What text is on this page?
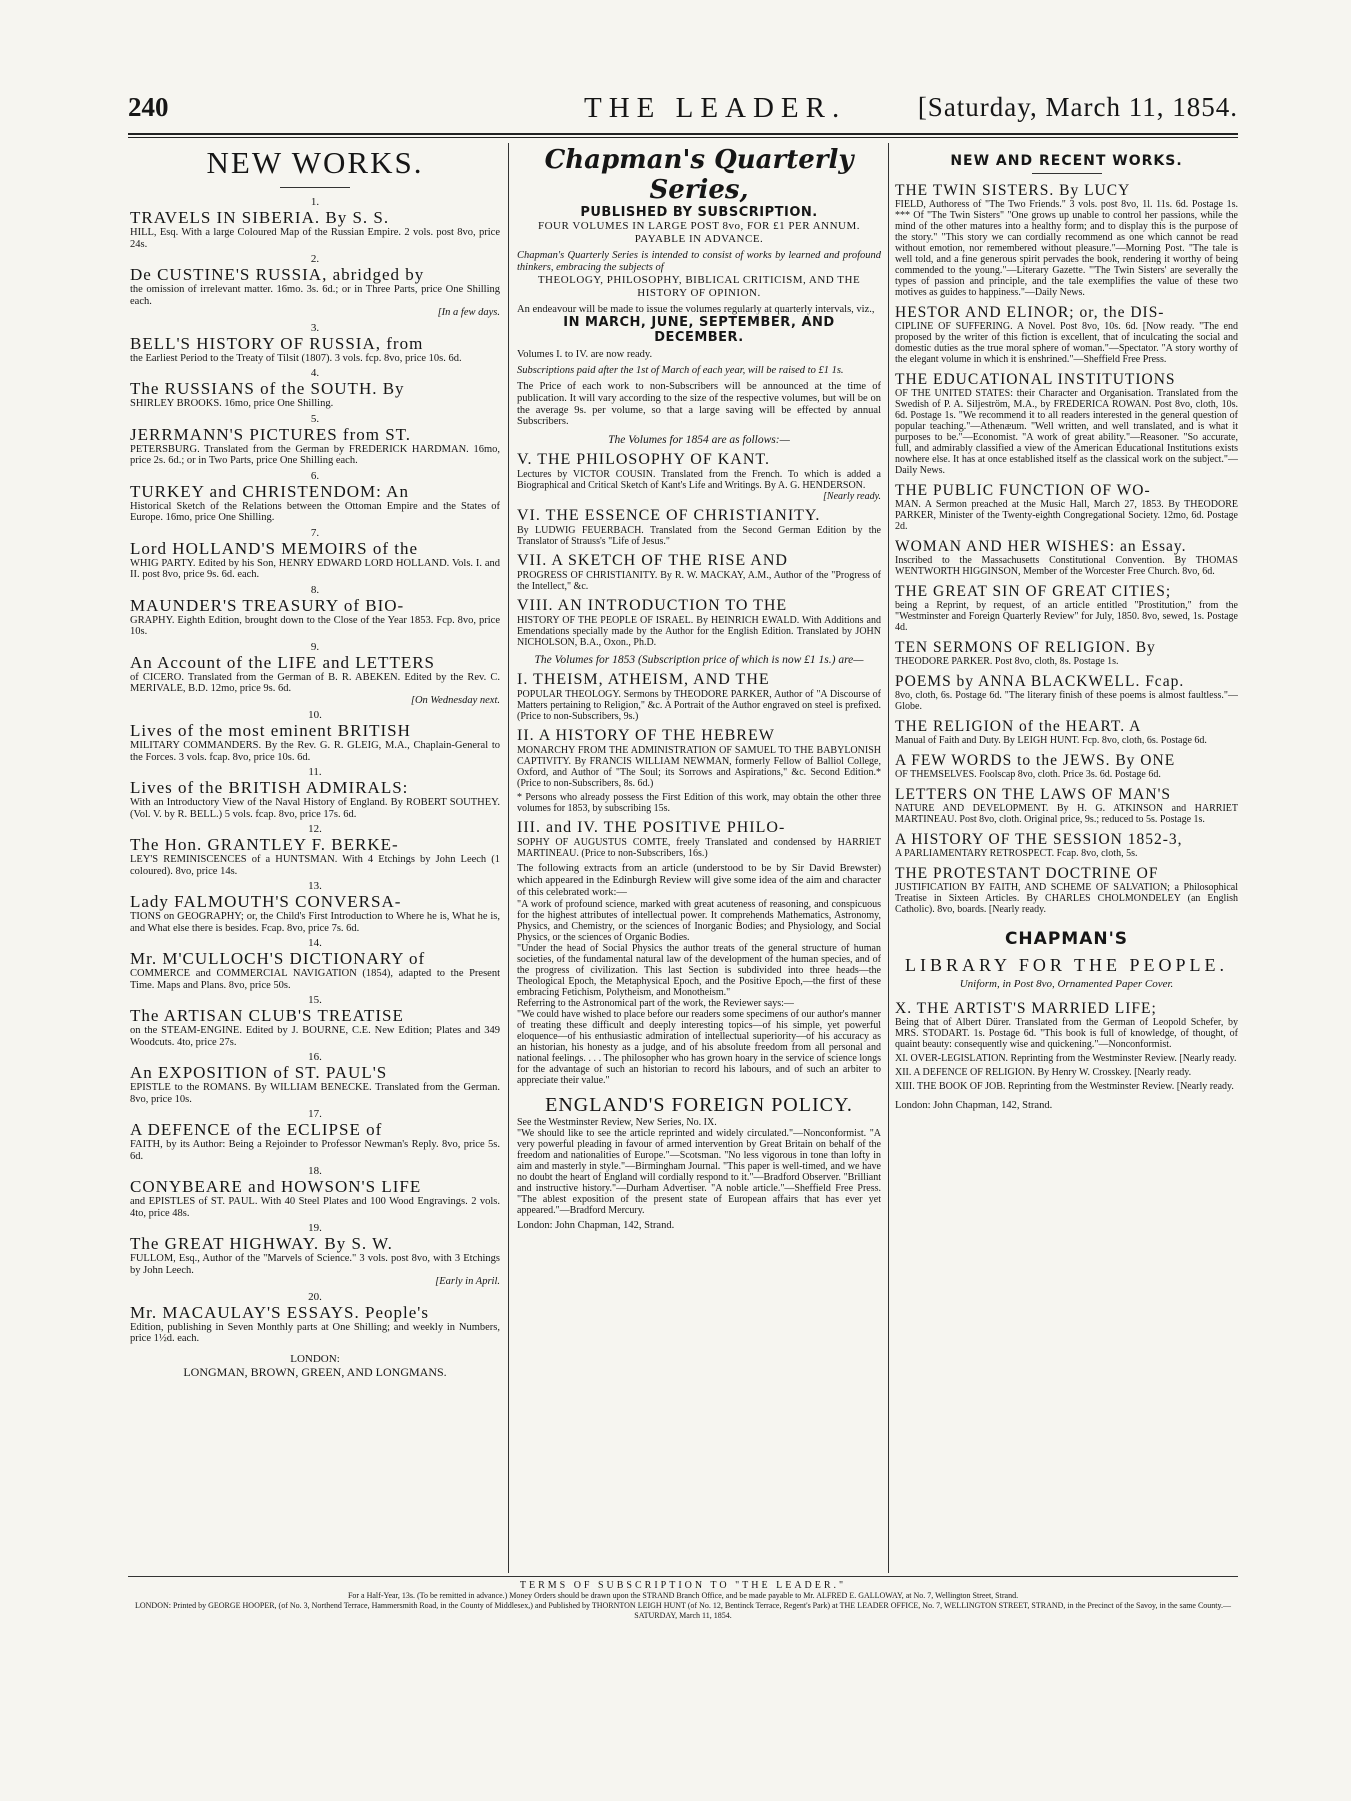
240	THE LEADER.	[Saturday, March 11, 1854.
NEW WORKS.
1.
TRAVELS IN SIBERIA. By S. S.
HILL, Esq. With a large Coloured Map of the Russian Empire. 2 vols. post 8vo, price 24s.
2.
De CUSTINE'S RUSSIA, abridged by
the omission of irrelevant matter. 16mo. 3s. 6d.; or in Three Parts, price One Shilling each.
[In a few days.
3.
BELL'S HISTORY OF RUSSIA, from
the Earliest Period to the Treaty of Tilsit (1807). 3 vols. fcp. 8vo, price 10s. 6d.
4.
The RUSSIANS of the SOUTH. By
SHIRLEY BROOKS. 16mo, price One Shilling.
5.
JERRMANN'S PICTURES from ST.
PETERSBURG. Translated from the German by FREDERICK HARDMAN. 16mo, price 2s. 6d.; or in Two Parts, price One Shilling each.
6.
TURKEY and CHRISTENDOM: An
Historical Sketch of the Relations between the Ottoman Empire and the States of Europe. 16mo, price One Shilling.
7.
Lord HOLLAND'S MEMOIRS of the
WHIG PARTY. Edited by his Son, HENRY EDWARD LORD HOLLAND. Vols. I. and II. post 8vo, price 9s. 6d. each.
8.
MAUNDER'S TREASURY of BIO-
GRAPHY. Eighth Edition, brought down to the Close of the Year 1853. Fcp. 8vo, price 10s.
9.
An Account of the LIFE and LETTERS
of CICERO. Translated from the German of B. R. ABEKEN. Edited by the Rev. C. MERIVALE, B.D. 12mo, price 9s. 6d.
[On Wednesday next.
10.
Lives of the most eminent BRITISH
MILITARY COMMANDERS. By the Rev. G. R. GLEIG, M.A., Chaplain-General to the Forces. 3 vols. fcap. 8vo, price 10s. 6d.
11.
Lives of the BRITISH ADMIRALS:
With an Introductory View of the Naval History of England. By ROBERT SOUTHEY. (Vol. V. by R. BELL.) 5 vols. fcap. 8vo, price 17s. 6d.
12.
The Hon. GRANTLEY F. BERKE-
LEY'S REMINISCENCES of a HUNTSMAN. With 4 Etchings by John Leech (1 coloured). 8vo, price 14s.
13.
Lady FALMOUTH'S CONVERSA-
TIONS on GEOGRAPHY; or, the Child's First Introduction to Where he is, What he is, and What else there is besides. Fcap. 8vo, price 7s. 6d.
14.
Mr. M'CULLOCH'S DICTIONARY of
COMMERCE and COMMERCIAL NAVIGATION (1854), adapted to the Present Time. Maps and Plans. 8vo, price 50s.
15.
The ARTISAN CLUB'S TREATISE
on the STEAM-ENGINE. Edited by J. BOURNE, C.E. New Edition; Plates and 349 Woodcuts. 4to, price 27s.
16.
An EXPOSITION of ST. PAUL'S
EPISTLE to the ROMANS. By WILLIAM BENECKE. Translated from the German. 8vo, price 10s.
17.
A DEFENCE of the ECLIPSE of
FAITH, by its Author: Being a Rejoinder to Professor Newman's Reply. 8vo, price 5s. 6d.
18.
CONYBEARE and HOWSON'S LIFE
and EPISTLES of ST. PAUL. With 40 Steel Plates and 100 Wood Engravings. 2 vols. 4to, price 48s.
19.
The GREAT HIGHWAY. By S. W.
FULLOM, Esq., Author of the "Marvels of Science." 3 vols. post 8vo, with 3 Etchings by John Leech.
[Early in April.
20.
Mr. MACAULAY'S ESSAYS. People's
Edition, publishing in Seven Monthly parts at One Shilling; and weekly in Numbers, price 1½d. each.
LONDON:
LONGMAN, BROWN, GREEN, AND LONGMANS.
Chapman's Quarterly Series,
PUBLISHED BY SUBSCRIPTION.
FOUR VOLUMES IN LARGE POST 8vo, FOR £1 PER ANNUM. PAYABLE IN ADVANCE.
Chapman's Quarterly Series is intended to consist of works by learned and profound thinkers, embracing the subjects of
THEOLOGY, PHILOSOPHY, BIBLICAL CRITICISM, AND THE HISTORY OF OPINION.
An endeavour will be made to issue the volumes regularly at quarterly intervals, viz.,
IN MARCH, JUNE, SEPTEMBER, AND DECEMBER.
Volumes I. to IV. are now ready.
Subscriptions paid after the 1st of March of each year, will be raised to £1 1s.
The Price of each work to non-Subscribers will be announced at the time of publication. It will vary according to the size of the respective volumes, but will be on the average 9s. per volume, so that a large saving will be effected by annual Subscribers.
The Volumes for 1854 are as follows:—
V. THE PHILOSOPHY OF KANT.
Lectures by VICTOR COUSIN. Translated from the French. To which is added a Biographical and Critical Sketch of Kant's Life and Writings. By A. G. HENDERSON.
[Nearly ready.
VI. THE ESSENCE OF CHRISTIANITY.
By LUDWIG FEUERBACH. Translated from the Second German Edition by the Translator of Strauss's "Life of Jesus."
VII. A SKETCH OF THE RISE AND
PROGRESS OF CHRISTIANITY. By R. W. MACKAY, A.M., Author of the "Progress of the Intellect," &c.
VIII. AN INTRODUCTION TO THE
HISTORY OF THE PEOPLE OF ISRAEL. By HEINRICH EWALD. With Additions and Emendations specially made by the Author for the English Edition. Translated by JOHN NICHOLSON, B.A., Oxon., Ph.D.
The Volumes for 1853 (Subscription price of which is now £1 1s.) are—
I. THEISM, ATHEISM, AND THE
POPULAR THEOLOGY. Sermons by THEODORE PARKER, Author of "A Discourse of Matters pertaining to Religion," &c. A Portrait of the Author engraved on steel is prefixed. (Price to non-Subscribers, 9s.)
II. A HISTORY OF THE HEBREW
MONARCHY FROM THE ADMINISTRATION OF SAMUEL TO THE BABYLONISH CAPTIVITY. By FRANCIS WILLIAM NEWMAN, formerly Fellow of Balliol College, Oxford, and Author of "The Soul; its Sorrows and Aspirations," &c. Second Edition.* (Price to non-Subscribers, 8s. 6d.)
* Persons who already possess the First Edition of this work, may obtain the other three volumes for 1853, by subscribing 15s.
III. and IV. THE POSITIVE PHILO-
SOPHY OF AUGUSTUS COMTE, freely Translated and condensed by HARRIET MARTINEAU. (Price to non-Subscribers, 16s.)
The following extracts from an article (understood to be by Sir David Brewster) which appeared in the Edinburgh Review will give some idea of the aim and character of this celebrated work:—
"A work of profound science, marked with great acuteness of reasoning, and conspicuous for the highest attributes of intellectual power. It comprehends Mathematics, Astronomy, Physics, and Chemistry, or the sciences of Inorganic Bodies; and Physiology, and Social Physics, or the sciences of Organic Bodies.
"Under the head of Social Physics the author treats of the general structure of human societies, of the fundamental natural law of the development of the human species, and of the progress of civilization. This last Section is subdivided into three heads—the Theological Epoch, the Metaphysical Epoch, and the Positive Epoch,—the first of these embracing Fetichism, Polytheism, and Monotheism."
Referring to the Astronomical part of the work, the Reviewer says:—
"We could have wished to place before our readers some specimens of our author's manner of treating these difficult and deeply interesting topics—of his simple, yet powerful eloquence—of his enthusiastic admiration of intellectual superiority—of his accuracy as an historian, his honesty as a judge, and of his absolute freedom from all personal and national feelings. . . . The philosopher who has grown hoary in the service of science longs for the advantage of such an historian to record his labours, and of such an arbiter to appreciate their value."
ENGLAND'S FOREIGN POLICY.
See the Westminster Review, New Series, No. IX.
"We should like to see the article reprinted and widely circulated."—Nonconformist. "A very powerful pleading in favour of armed intervention by Great Britain on behalf of the freedom and nationalities of Europe."—Scotsman. "No less vigorous in tone than lofty in aim and masterly in style."—Birmingham Journal. "This paper is well-timed, and we have no doubt the heart of England will cordially respond to it."—Bradford Observer. "Brilliant and instructive history."—Durham Advertiser. "A noble article."—Sheffield Free Press. "The ablest exposition of the present state of European affairs that has ever yet appeared."—Bradford Mercury.
London: John Chapman, 142, Strand.
NEW AND RECENT WORKS.
THE TWIN SISTERS. By LUCY
FIELD, Authoress of "The Two Friends." 3 vols. post 8vo, 1l. 11s. 6d. Postage 1s. *** Of "The Twin Sisters" "One grows up unable to control her passions, while the mind of the other matures into a healthy form; and to display this is the purpose of the story." "This story we can cordially recommend as one which cannot be read without emotion, nor remembered without pleasure."—Morning Post. "The tale is well told, and a fine generous spirit pervades the book, rendering it worthy of being commended to the young."—Literary Gazette. "'The Twin Sisters' are severally the types of passion and principle, and the tale exemplifies the value of these two motives as guides to happiness."—Daily News.
HESTOR AND ELINOR; or, the DIS-
CIPLINE OF SUFFERING. A Novel. Post 8vo, 10s. 6d. [Now ready. "The end proposed by the writer of this fiction is excellent, that of inculcating the social and domestic duties as the true moral sphere of woman."—Spectator. "A story worthy of the elegant volume in which it is enshrined."—Sheffield Free Press.
THE EDUCATIONAL INSTITUTIONS
OF THE UNITED STATES: their Character and Organisation. Translated from the Swedish of P. A. Siljeström, M.A., by FREDERICA ROWAN. Post 8vo, cloth, 10s. 6d. Postage 1s. "We recommend it to all readers interested in the general question of popular teaching."—Athenæum. "Well written, and well translated, and is what it purposes to be."—Economist. "A work of great ability."—Reasoner. "So accurate, full, and admirably classified a view of the American Educational Institutions exists nowhere else. It has at once established itself as the classical work on the subject."—Daily News.
THE PUBLIC FUNCTION OF WO-
MAN. A Sermon preached at the Music Hall, March 27, 1853. By THEODORE PARKER, Minister of the Twenty-eighth Congregational Society. 12mo, 6d. Postage 2d.
WOMAN AND HER WISHES: an Essay.
Inscribed to the Massachusetts Constitutional Convention. By THOMAS WENTWORTH HIGGINSON, Member of the Worcester Free Church. 8vo, 6d.
THE GREAT SIN OF GREAT CITIES;
being a Reprint, by request, of an article entitled "Prostitution," from the "Westminster and Foreign Quarterly Review" for July, 1850. 8vo, sewed, 1s. Postage 4d.
TEN SERMONS OF RELIGION. By
THEODORE PARKER. Post 8vo, cloth, 8s. Postage 1s.
POEMS by ANNA BLACKWELL. Fcap.
8vo, cloth, 6s. Postage 6d. "The literary finish of these poems is almost faultless."—Globe.
THE RELIGION of the HEART. A
Manual of Faith and Duty. By LEIGH HUNT. Fcp. 8vo, cloth, 6s. Postage 6d.
A FEW WORDS to the JEWS. By ONE
OF THEMSELVES. Foolscap 8vo, cloth. Price 3s. 6d. Postage 6d.
LETTERS ON THE LAWS OF MAN'S
NATURE AND DEVELOPMENT. By H. G. ATKINSON and HARRIET MARTINEAU. Post 8vo, cloth. Original price, 9s.; reduced to 5s. Postage 1s.
A HISTORY OF THE SESSION 1852-3,
A PARLIAMENTARY RETROSPECT. Fcap. 8vo, cloth, 5s.
THE PROTESTANT DOCTRINE OF
JUSTIFICATION BY FAITH, AND SCHEME OF SALVATION; a Philosophical Treatise in Sixteen Articles. By CHARLES CHOLMONDELEY (an English Catholic). 8vo, boards. [Nearly ready.
CHAPMAN'S
LIBRARY FOR THE PEOPLE.
Uniform, in Post 8vo, Ornamented Paper Cover.
X. THE ARTIST'S MARRIED LIFE;
Being that of Albert Dürer. Translated from the German of Leopold Schefer, by MRS. STODART. 1s. Postage 6d. "This book is full of knowledge, of thought, of quaint beauty: consequently wise and quickening."—Nonconformist.
XI. OVER-LEGISLATION. Reprinting from the Westminster Review. [Nearly ready.
XII. A DEFENCE OF RELIGION. By Henry W. Crosskey. [Nearly ready.
XIII. THE BOOK OF JOB. Reprinting from the Westminster Review. [Nearly ready.
London: John Chapman, 142, Strand.
TERMS OF SUBSCRIPTION TO "THE LEADER."
For a Half-Year, 13s. (To be remitted in advance.) Money Orders should be drawn upon the STRAND Branch Office, and be made payable to Mr. ALFRED E. GALLOWAY, at No. 7, Wellington Street, Strand.
LONDON: Printed by GEORGE HOOPER, (of No. 3, Northend Terrace, Hammersmith Road, in the County of Middlesex,) and Published by THORNTON LEIGH HUNT (of No. 12, Bentinck Terrace, Regent's Park) at THE LEADER OFFICE, No. 7, WELLINGTON STREET, STRAND, in the Precinct of the Savoy, in the same County.—SATURDAY, March 11, 1854.
